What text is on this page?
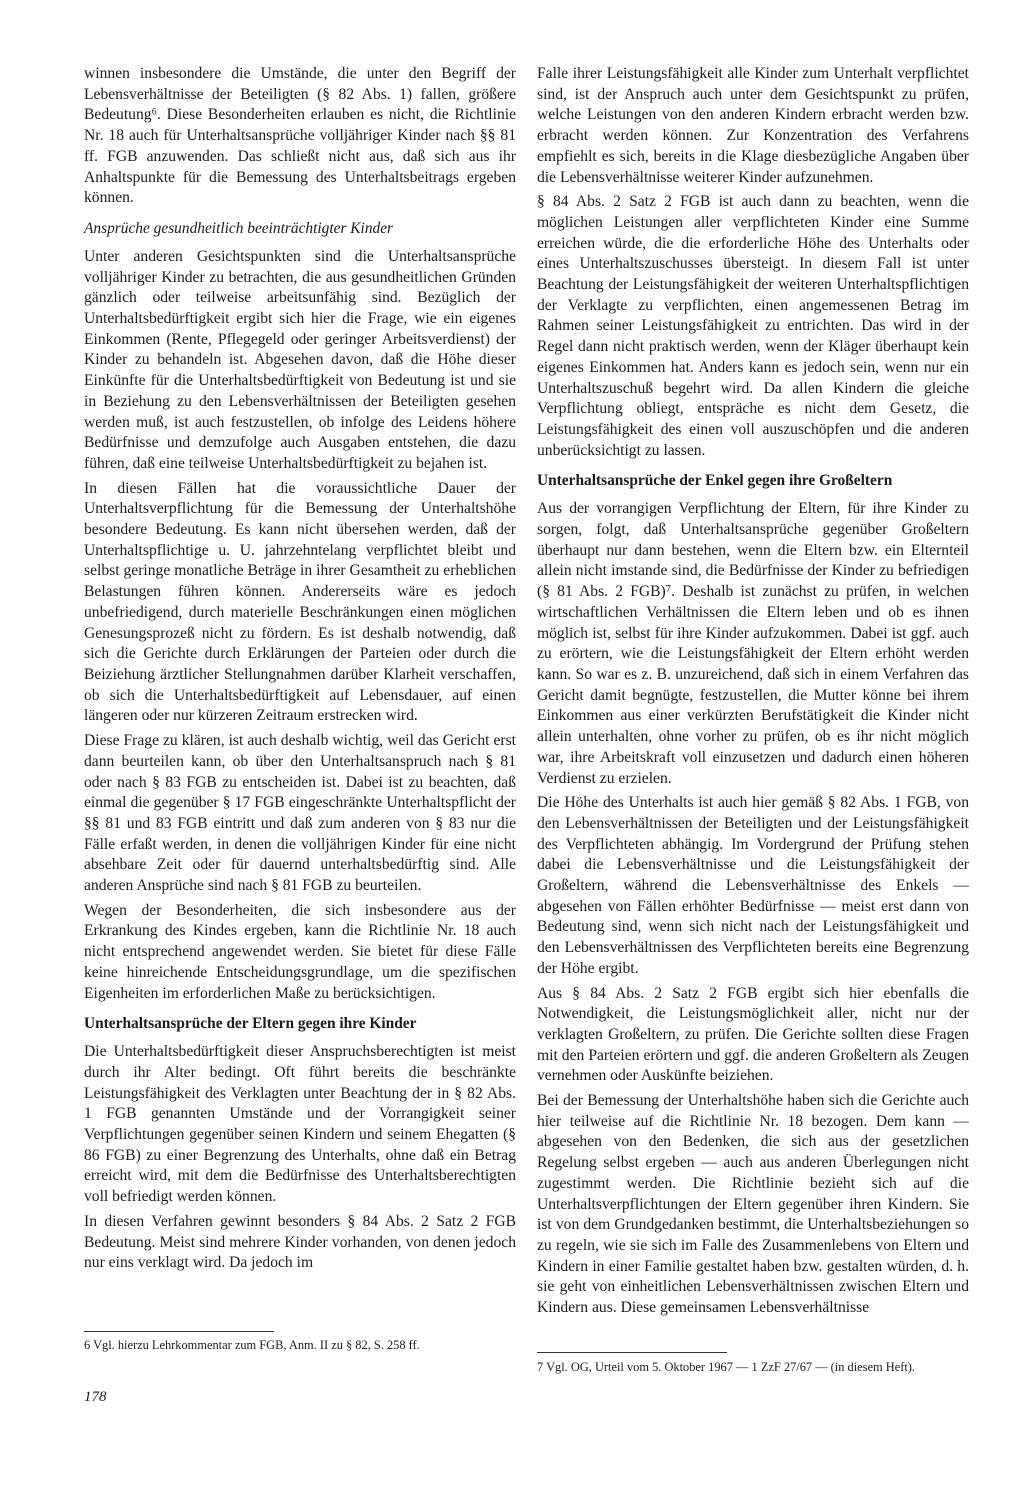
winnen insbesondere die Umstände, die unter den Begriff der Lebensverhältnisse der Beteiligten (§ 82 Abs. 1) fallen, größere Bedeutung⁶. Diese Besonderheiten erlauben es nicht, die Richtlinie Nr. 18 auch für Unterhaltsansprüche volljähriger Kinder nach §§ 81 ff. FGB anzuwenden. Das schließt nicht aus, daß sich aus ihr Anhaltspunkte für die Bemessung des Unterhaltsbeitrags ergeben können.

Ansprüche gesundheitlich beeinträchtigter Kinder

Unter anderen Gesichtspunkten sind die Unterhaltsansprüche volljähriger Kinder zu betrachten, die aus gesundheitlichen Gründen gänzlich oder teilweise arbeitsunfähig sind. Bezüglich der Unterhaltsbedürftigkeit ergibt sich hier die Frage, wie ein eigenes Einkommen (Rente, Pflegegeld oder geringer Arbeitsverdienst) der Kinder zu behandeln ist. Abgesehen davon, daß die Höhe dieser Einkünfte für die Unterhaltsbedürftigkeit von Bedeutung ist und sie in Beziehung zu den Lebensverhältnissen der Beteiligten gesehen werden muß, ist auch festzustellen, ob infolge des Leidens höhere Bedürfnisse und demzufolge auch Ausgaben entstehen, die dazu führen, daß eine teilweise Unterhaltsbedürftigkeit zu bejahen ist.

In diesen Fällen hat die voraussichtliche Dauer der Unterhaltsverpflichtung für die Bemessung der Unterhaltshöhe besondere Bedeutung. Es kann nicht übersehen werden, daß der Unterhaltspflichtige u. U. jahrzehntelang verpflichtet bleibt und selbst geringe monatliche Beträge in ihrer Gesamtheit zu erheblichen Belastungen führen können. Andererseits wäre es jedoch unbefriedigend, durch materielle Beschränkungen einen möglichen Genesungsprozeß nicht zu fördern. Es ist deshalb notwendig, daß sich die Gerichte durch Erklärungen der Parteien oder durch die Beiziehung ärztlicher Stellungnahmen darüber Klarheit verschaffen, ob sich die Unterhaltsbedürftigkeit auf Lebensdauer, auf einen längeren oder nur kürzeren Zeitraum erstrecken wird.

Diese Frage zu klären, ist auch deshalb wichtig, weil das Gericht erst dann beurteilen kann, ob über den Unterhaltsanspruch nach § 81 oder nach § 83 FGB zu entscheiden ist. Dabei ist zu beachten, daß einmal die gegenüber § 17 FGB eingeschränkte Unterhaltspflicht der §§ 81 und 83 FGB eintritt und daß zum anderen von § 83 nur die Fälle erfaßt werden, in denen die volljährigen Kinder für eine nicht absehbare Zeit oder für dauernd unterhaltsbedürftig sind. Alle anderen Ansprüche sind nach § 81 FGB zu beurteilen.

Wegen der Besonderheiten, die sich insbesondere aus der Erkrankung des Kindes ergeben, kann die Richtlinie Nr. 18 auch nicht entsprechend angewendet werden. Sie bietet für diese Fälle keine hinreichende Entscheidungsgrundlage, um die spezifischen Eigenheiten im erforderlichen Maße zu berücksichtigen.

Unterhaltsansprüche der Eltern gegen ihre Kinder

Die Unterhaltsbedürftigkeit dieser Anspruchsberechtigten ist meist durch ihr Alter bedingt. Oft führt bereits die beschränkte Leistungsfähigkeit des Verklagten unter Beachtung der in § 82 Abs. 1 FGB genannten Umstände und der Vorrangigkeit seiner Verpflichtungen gegenüber seinen Kindern und seinem Ehegatten (§ 86 FGB) zu einer Begrenzung des Unterhalts, ohne daß ein Betrag erreicht wird, mit dem die Bedürfnisse des Unterhaltsberechtigten voll befriedigt werden können.

In diesen Verfahren gewinnt besonders § 84 Abs. 2 Satz 2 FGB Bedeutung. Meist sind mehrere Kinder vorhanden, von denen jedoch nur eins verklagt wird. Da jedoch im

Falle ihrer Leistungsfähigkeit alle Kinder zum Unterhalt verpflichtet sind, ist der Anspruch auch unter dem Gesichtspunkt zu prüfen, welche Leistungen von den anderen Kindern erbracht werden bzw. erbracht werden können. Zur Konzentration des Verfahrens empfiehlt es sich, bereits in die Klage diesbezügliche Angaben über die Lebensverhältnisse weiterer Kinder aufzunehmen.

§ 84 Abs. 2 Satz 2 FGB ist auch dann zu beachten, wenn die möglichen Leistungen aller verpflichteten Kinder eine Summe erreichen würde, die die erforderliche Höhe des Unterhalts oder eines Unterhaltszuschusses übersteigt. In diesem Fall ist unter Beachtung der Leistungsfähigkeit der weiteren Unterhaltspflichtigen der Verklagte zu verpflichten, einen angemessenen Betrag im Rahmen seiner Leistungsfähigkeit zu entrichten. Das wird in der Regel dann nicht praktisch werden, wenn der Kläger überhaupt kein eigenes Einkommen hat. Anders kann es jedoch sein, wenn nur ein Unterhaltszuschuß begehrt wird. Da allen Kindern die gleiche Verpflichtung obliegt, entspräche es nicht dem Gesetz, die Leistungsfähigkeit des einen voll auszuschöpfen und die anderen unberücksichtigt zu lassen.

Unterhaltsansprüche der Enkel gegen ihre Großeltern

Aus der vorrangigen Verpflichtung der Eltern, für ihre Kinder zu sorgen, folgt, daß Unterhaltsansprüche gegenüber Großeltern überhaupt nur dann bestehen, wenn die Eltern bzw. ein Elternteil allein nicht imstande sind, die Bedürfnisse der Kinder zu befriedigen (§ 81 Abs. 2 FGB)⁷. Deshalb ist zunächst zu prüfen, in welchen wirtschaftlichen Verhältnissen die Eltern leben und ob es ihnen möglich ist, selbst für ihre Kinder aufzukommen. Dabei ist ggf. auch zu erörtern, wie die Leistungsfähigkeit der Eltern erhöht werden kann. So war es z. B. unzureichend, daß sich in einem Verfahren das Gericht damit begnügte, festzustellen, die Mutter könne bei ihrem Einkommen aus einer verkürzten Berufstätigkeit die Kinder nicht allein unterhalten, ohne vorher zu prüfen, ob es ihr nicht möglich war, ihre Arbeitskraft voll einzusetzen und dadurch einen höheren Verdienst zu erzielen.

Die Höhe des Unterhalts ist auch hier gemäß § 82 Abs. 1 FGB, von den Lebensverhältnissen der Beteiligten und der Leistungsfähigkeit des Verpflichteten abhängig. Im Vordergrund der Prüfung stehen dabei die Lebensverhältnisse und die Leistungsfähigkeit der Großeltern, während die Lebensverhältnisse des Enkels — abgesehen von Fällen erhöhter Bedürfnisse — meist erst dann von Bedeutung sind, wenn sich nicht nach der Leistungsfähigkeit und den Lebensverhältnissen des Verpflichteten bereits eine Begrenzung der Höhe ergibt.

Aus § 84 Abs. 2 Satz 2 FGB ergibt sich hier ebenfalls die Notwendigkeit, die Leistungsmöglichkeit aller, nicht nur der verklagten Großeltern, zu prüfen. Die Gerichte sollten diese Fragen mit den Parteien erörtern und ggf. die anderen Großeltern als Zeugen vernehmen oder Auskünfte beiziehen.

Bei der Bemessung der Unterhaltshöhe haben sich die Gerichte auch hier teilweise auf die Richtlinie Nr. 18 bezogen. Dem kann — abgesehen von den Bedenken, die sich aus der gesetzlichen Regelung selbst ergeben — auch aus anderen Überlegungen nicht zugestimmt werden. Die Richtlinie bezieht sich auf die Unterhaltsverpflichtungen der Eltern gegenüber ihren Kindern. Sie ist von dem Grundgedanken bestimmt, die Unterhaltsbeziehungen so zu regeln, wie sie sich im Falle des Zusammenlebens von Eltern und Kindern in einer Familie gestaltet haben bzw. gestalten würden, d. h. sie geht von einheitlichen Lebensverhältnissen zwischen Eltern und Kindern aus. Diese gemeinsamen Lebensverhältnisse

6 Vgl. hierzu Lehrkommentar zum FGB, Anm. II zu § 82, S. 258 ff.
7 Vgl. OG, Urteil vom 5. Oktober 1967 — 1 ZzF 27/67 — (in diesem Heft).
178
